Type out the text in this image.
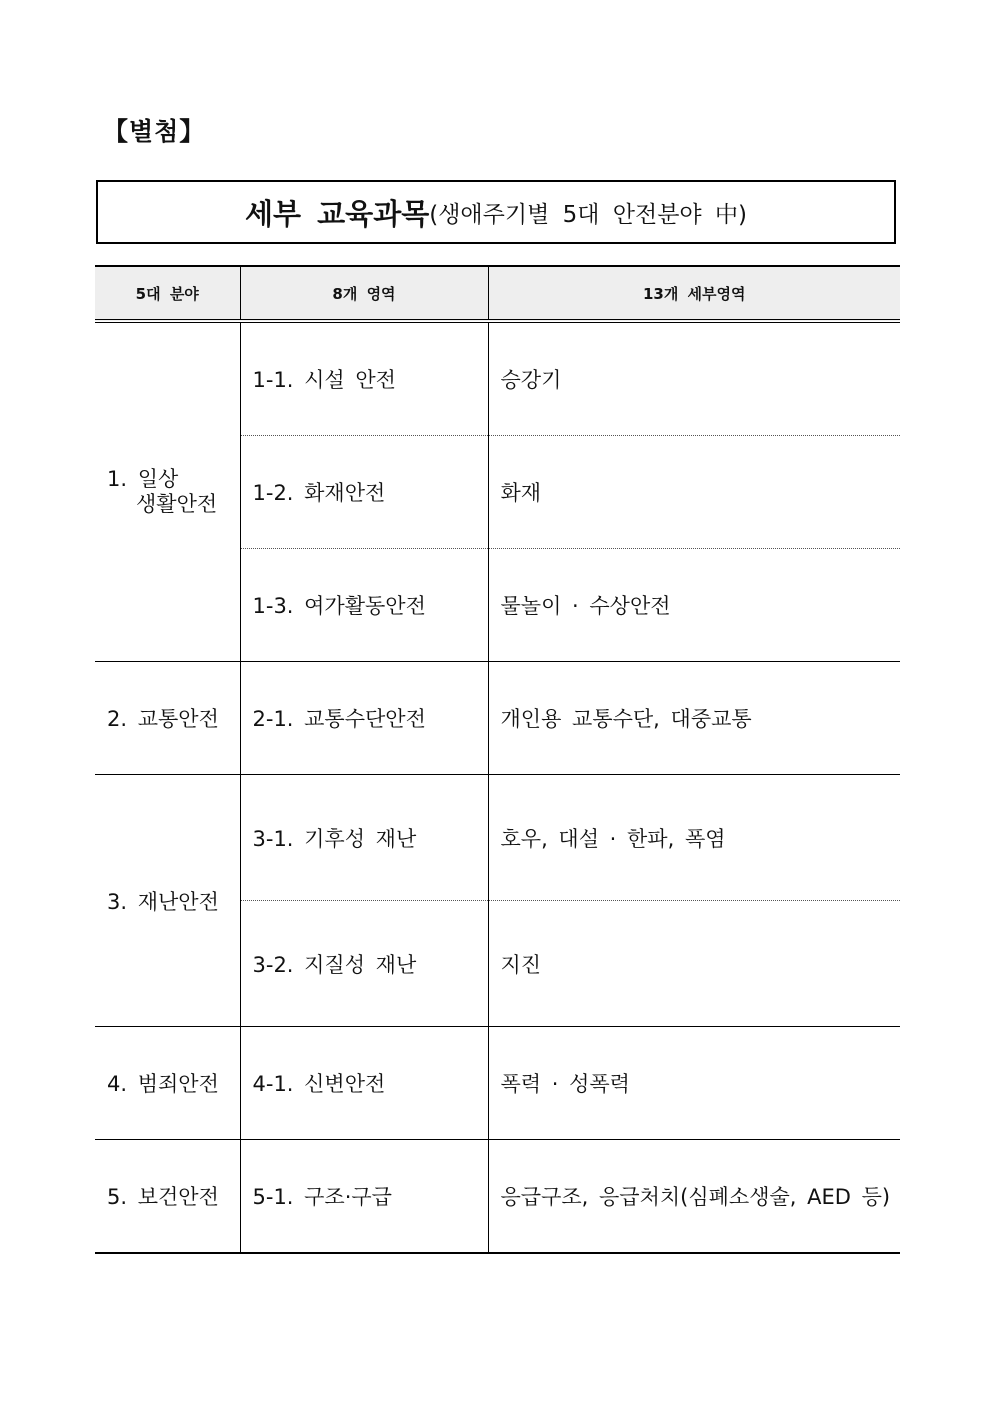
【별첨】
세부 교육과목 (생애주기별 5대 안전분야 中)
5대 분야	8개 영역	13개 세부영역

1. 일상
생활안전	1-1. 시설 안전	승강기
	1-2. 화재안전	화재
	1-3. 여가활동안전	물놀이 · 수상안전
2. 교통안전	2-1. 교통수단안전	개인용 교통수단, 대중교통
3. 재난안전	3-1. 기후성 재난	호우, 대설 · 한파, 폭염
	3-2. 지질성 재난	지진
4. 범죄안전	4-1. 신변안전	폭력 · 성폭력
5. 보건안전	5-1. 구조·구급	응급구조, 응급처치(심폐소생술, AED 등)
